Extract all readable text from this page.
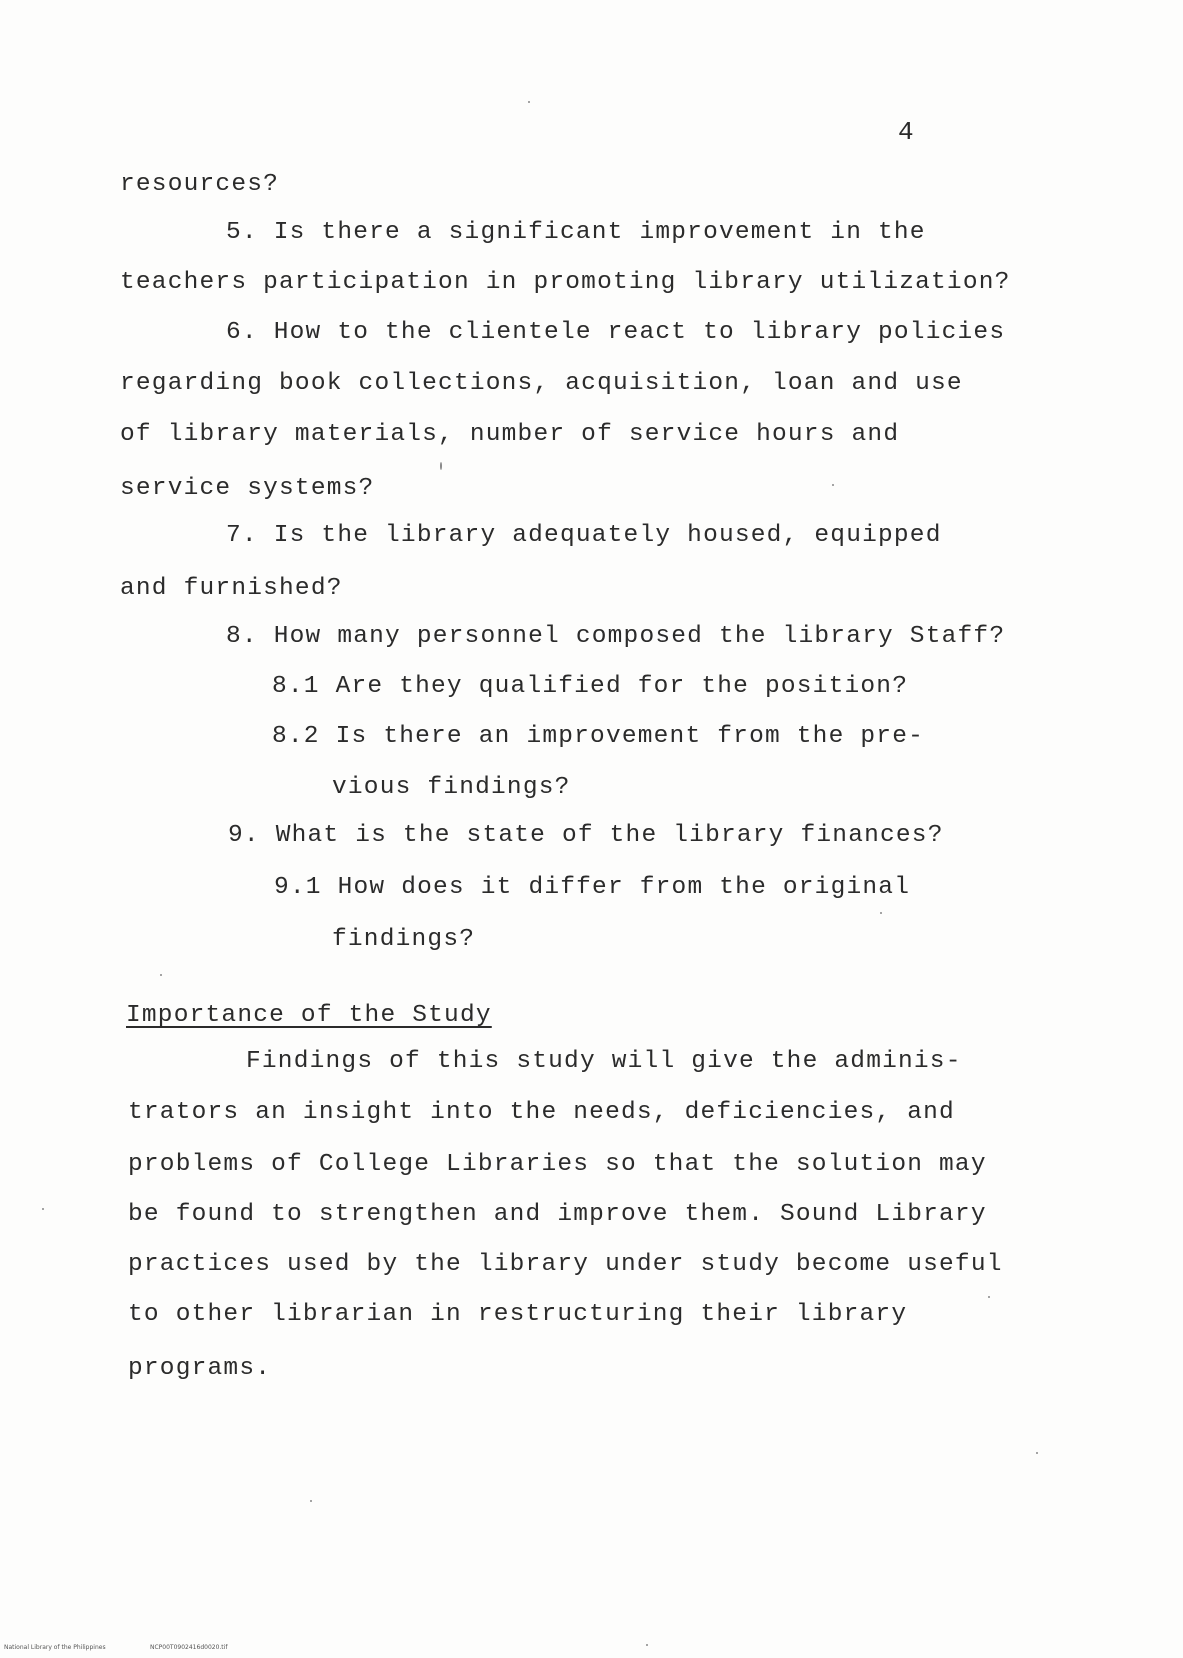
4
resources?
5. Is there a significant improvement in the
teachers participation in promoting library utilization?
6. How to the clientele react to library policies
regarding book collections, acquisition, loan and use
of library materials, number of service hours and
service systems?
7. Is the library adequately housed, equipped
and furnished?
8. How many personnel composed the library Staff?
8.1 Are they qualified for the position?
8.2 Is there an improvement from the pre-
vious findings?
9. What is the state of the library finances?
9.1 How does it differ from the original
findings?
Importance of the Study
Findings of this study will give the adminis-
trators an insight into the needs, deficiencies, and
problems of College Libraries so that the solution may
be found to strengthen and improve them. Sound Library
practices used by the library under study become useful
to other librarian in restructuring their library
programs.
National Library of the Philippines	NCP00T0902416d0020.tif
